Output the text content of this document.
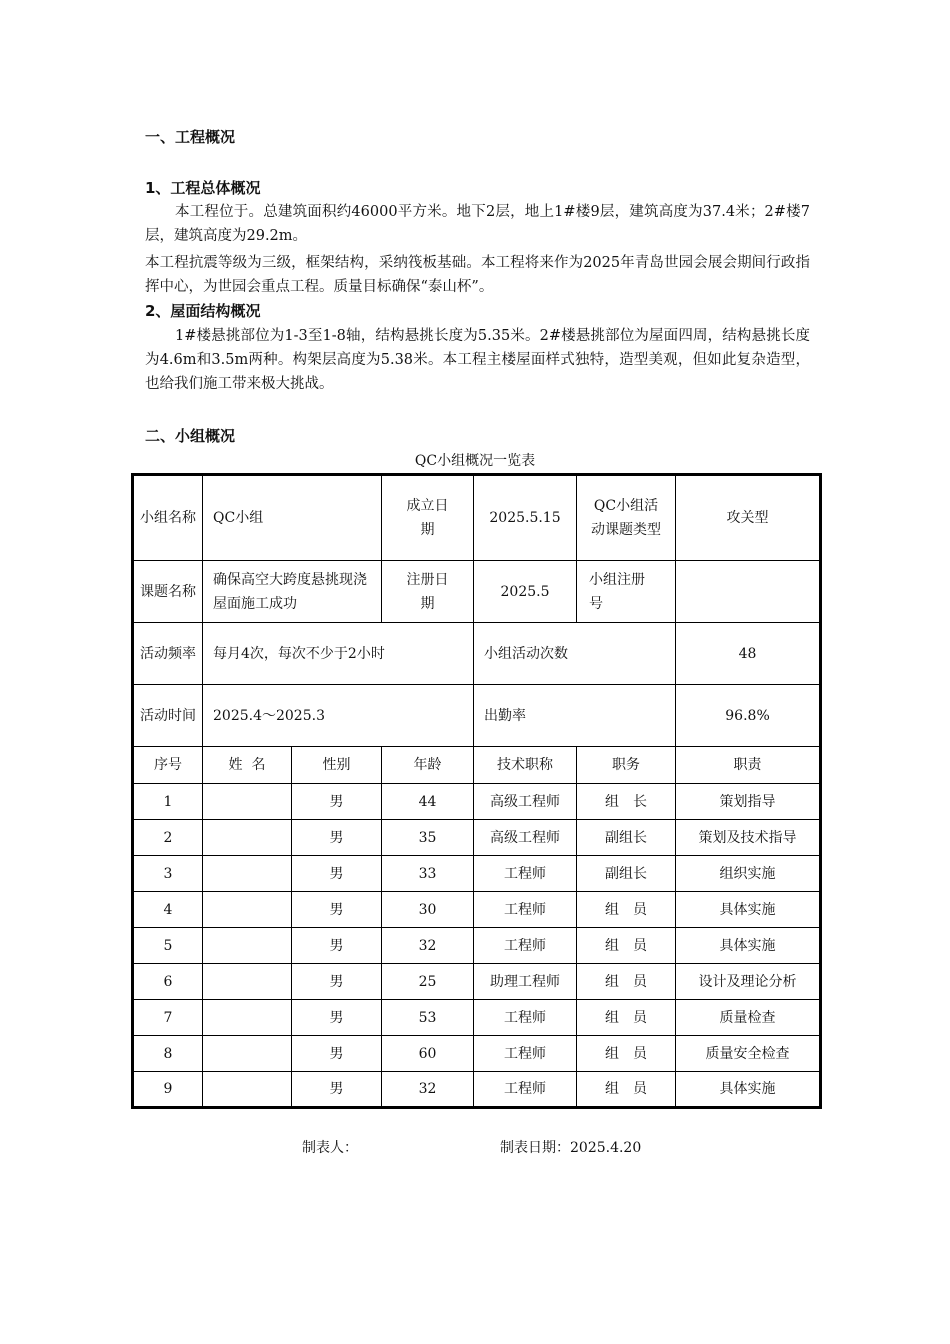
一、工程概况
1、工程总体概况
本工程位于。总建筑面积约46000平方米。地下2层，地上1#楼9层，建筑高度为37.4米；2#楼7层，建筑高度为29.2m。
本工程抗震等级为三级，框架结构，采纳筏板基础。本工程将来作为2025年青岛世园会展会期间行政指挥中心，为世园会重点工程。质量目标确保“泰山杯”。
2、屋面结构概况
1#楼悬挑部位为1-3至1-8轴，结构悬挑长度为5.35米。2#楼悬挑部位为屋面四周，结构悬挑长度为4.6m和3.5m两种。构架层高度为5.38米。本工程主楼屋面样式独特，造型美观，但如此复杂造型，也给我们施工带来极大挑战。
二、小组概况
QC小组概况一览表
小组名称	QC小组		成立日期	2025.5.15	QC小组活动课题类型	攻关型
课题名称	确保高空大跨度悬挑现浇屋面施工成功		注册日期	2025.5	小组注册号	
活动频率	每月4次，每次不少于2小时			小组活动次数		48
活动时间	2025.4～2025.3			出勤率		96.8%
序号	姓  名	性别	年龄	技术职称	职务	职责
1		男	44	高级工程师	组　长	策划指导
2		男	35	高级工程师	副组长	策划及技术指导
3		男	33	工程师	副组长	组织实施
4		男	30	工程师	组　员	具体实施
5		男	32	工程师	组　员	具体实施
6		男	25	助理工程师	组　员	设计及理论分析
7		男	53	工程师	组　员	质量检查
8		男	60	工程师	组　员	质量安全检查
9		男	32	工程师	组　员	具体实施
制表人：	制表日期：2025.4.20
